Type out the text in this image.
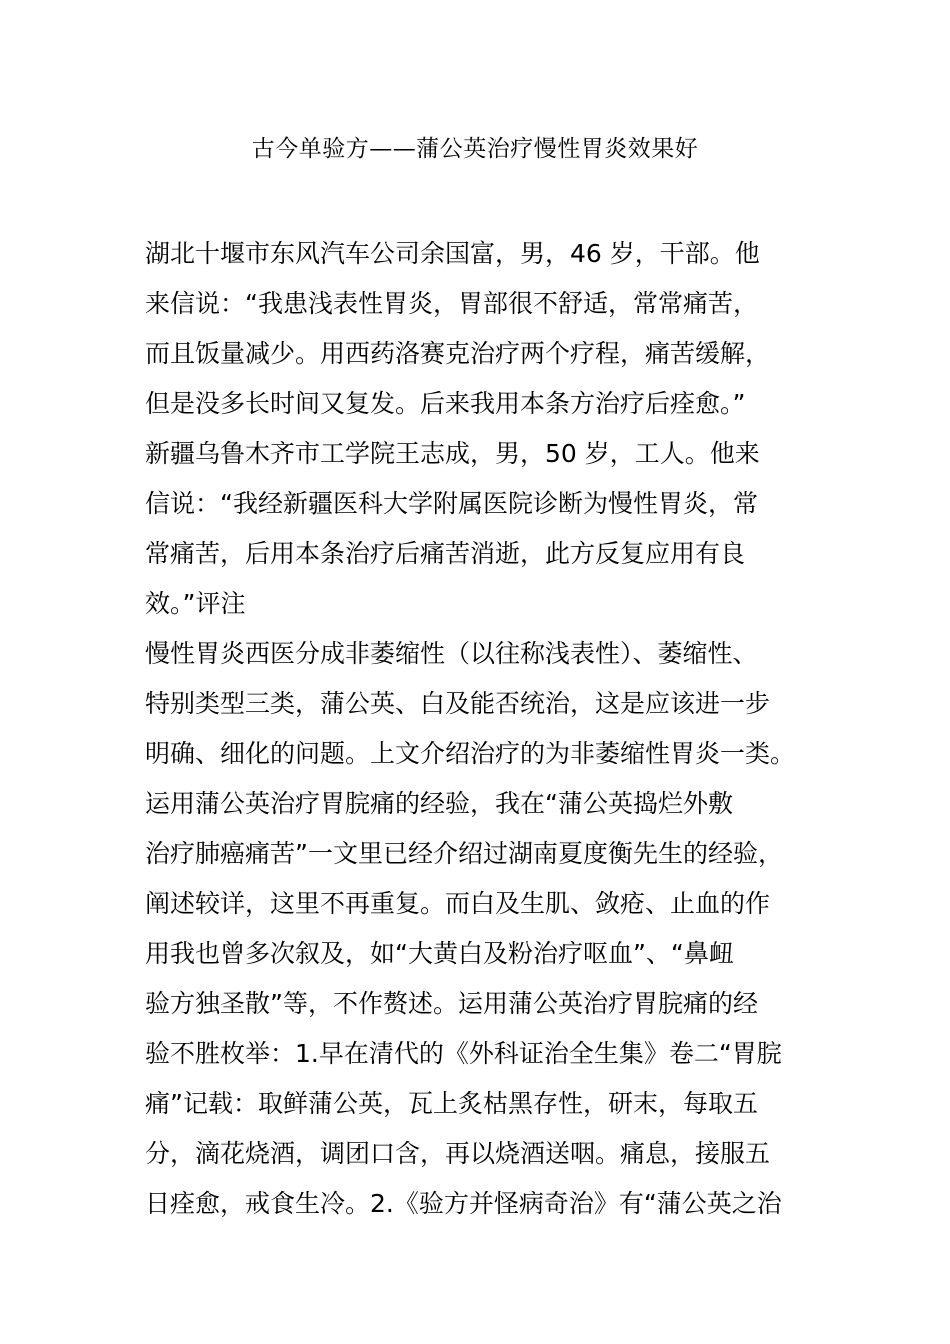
古今单验方——蒲公英治疗慢性胃炎效果好
湖北十堰市东风汽车公司余国富，男，46 岁，干部。他
来信说：“我患浅表性胃炎，胃部很不舒适，常常痛苦，
而且饭量减少。用西药洛赛克治疗两个疗程，痛苦缓解，
但是没多长时间又复发。后来我用本条方治疗后痊愈。”
新疆乌鲁木齐市工学院王志成，男，50 岁，工人。他来
信说：“我经新疆医科大学附属医院诊断为慢性胃炎，常
常痛苦，后用本条治疗后痛苦消逝，此方反复应用有良
效。”评注
慢性胃炎西医分成非萎缩性（以往称浅表性）、萎缩性、
特别类型三类，蒲公英、白及能否统治，这是应该进一步
明确、细化的问题。上文介绍治疗的为非萎缩性胃炎一类。
运用蒲公英治疗胃脘痛的经验，我在“蒲公英捣烂外敷
治疗肺癌痛苦”一文里已经介绍过湖南夏度衡先生的经验，
阐述较详，这里不再重复。而白及生肌、敛疮、止血的作
用我也曾多次叙及，如“大黄白及粉治疗呕血”、“鼻衄
验方独圣散”等，不作赘述。运用蒲公英治疗胃脘痛的经
验不胜枚举：1.早在清代的《外科证治全生集》卷二“胃脘
痛”记载：取鲜蒲公英，瓦上炙枯黑存性，研末，每取五
分，滴花烧酒，调团口含，再以烧酒送咽。痛息，接服五
日痊愈，戒食生冷。2.《验方并怪病奇治》有“蒲公英之治
